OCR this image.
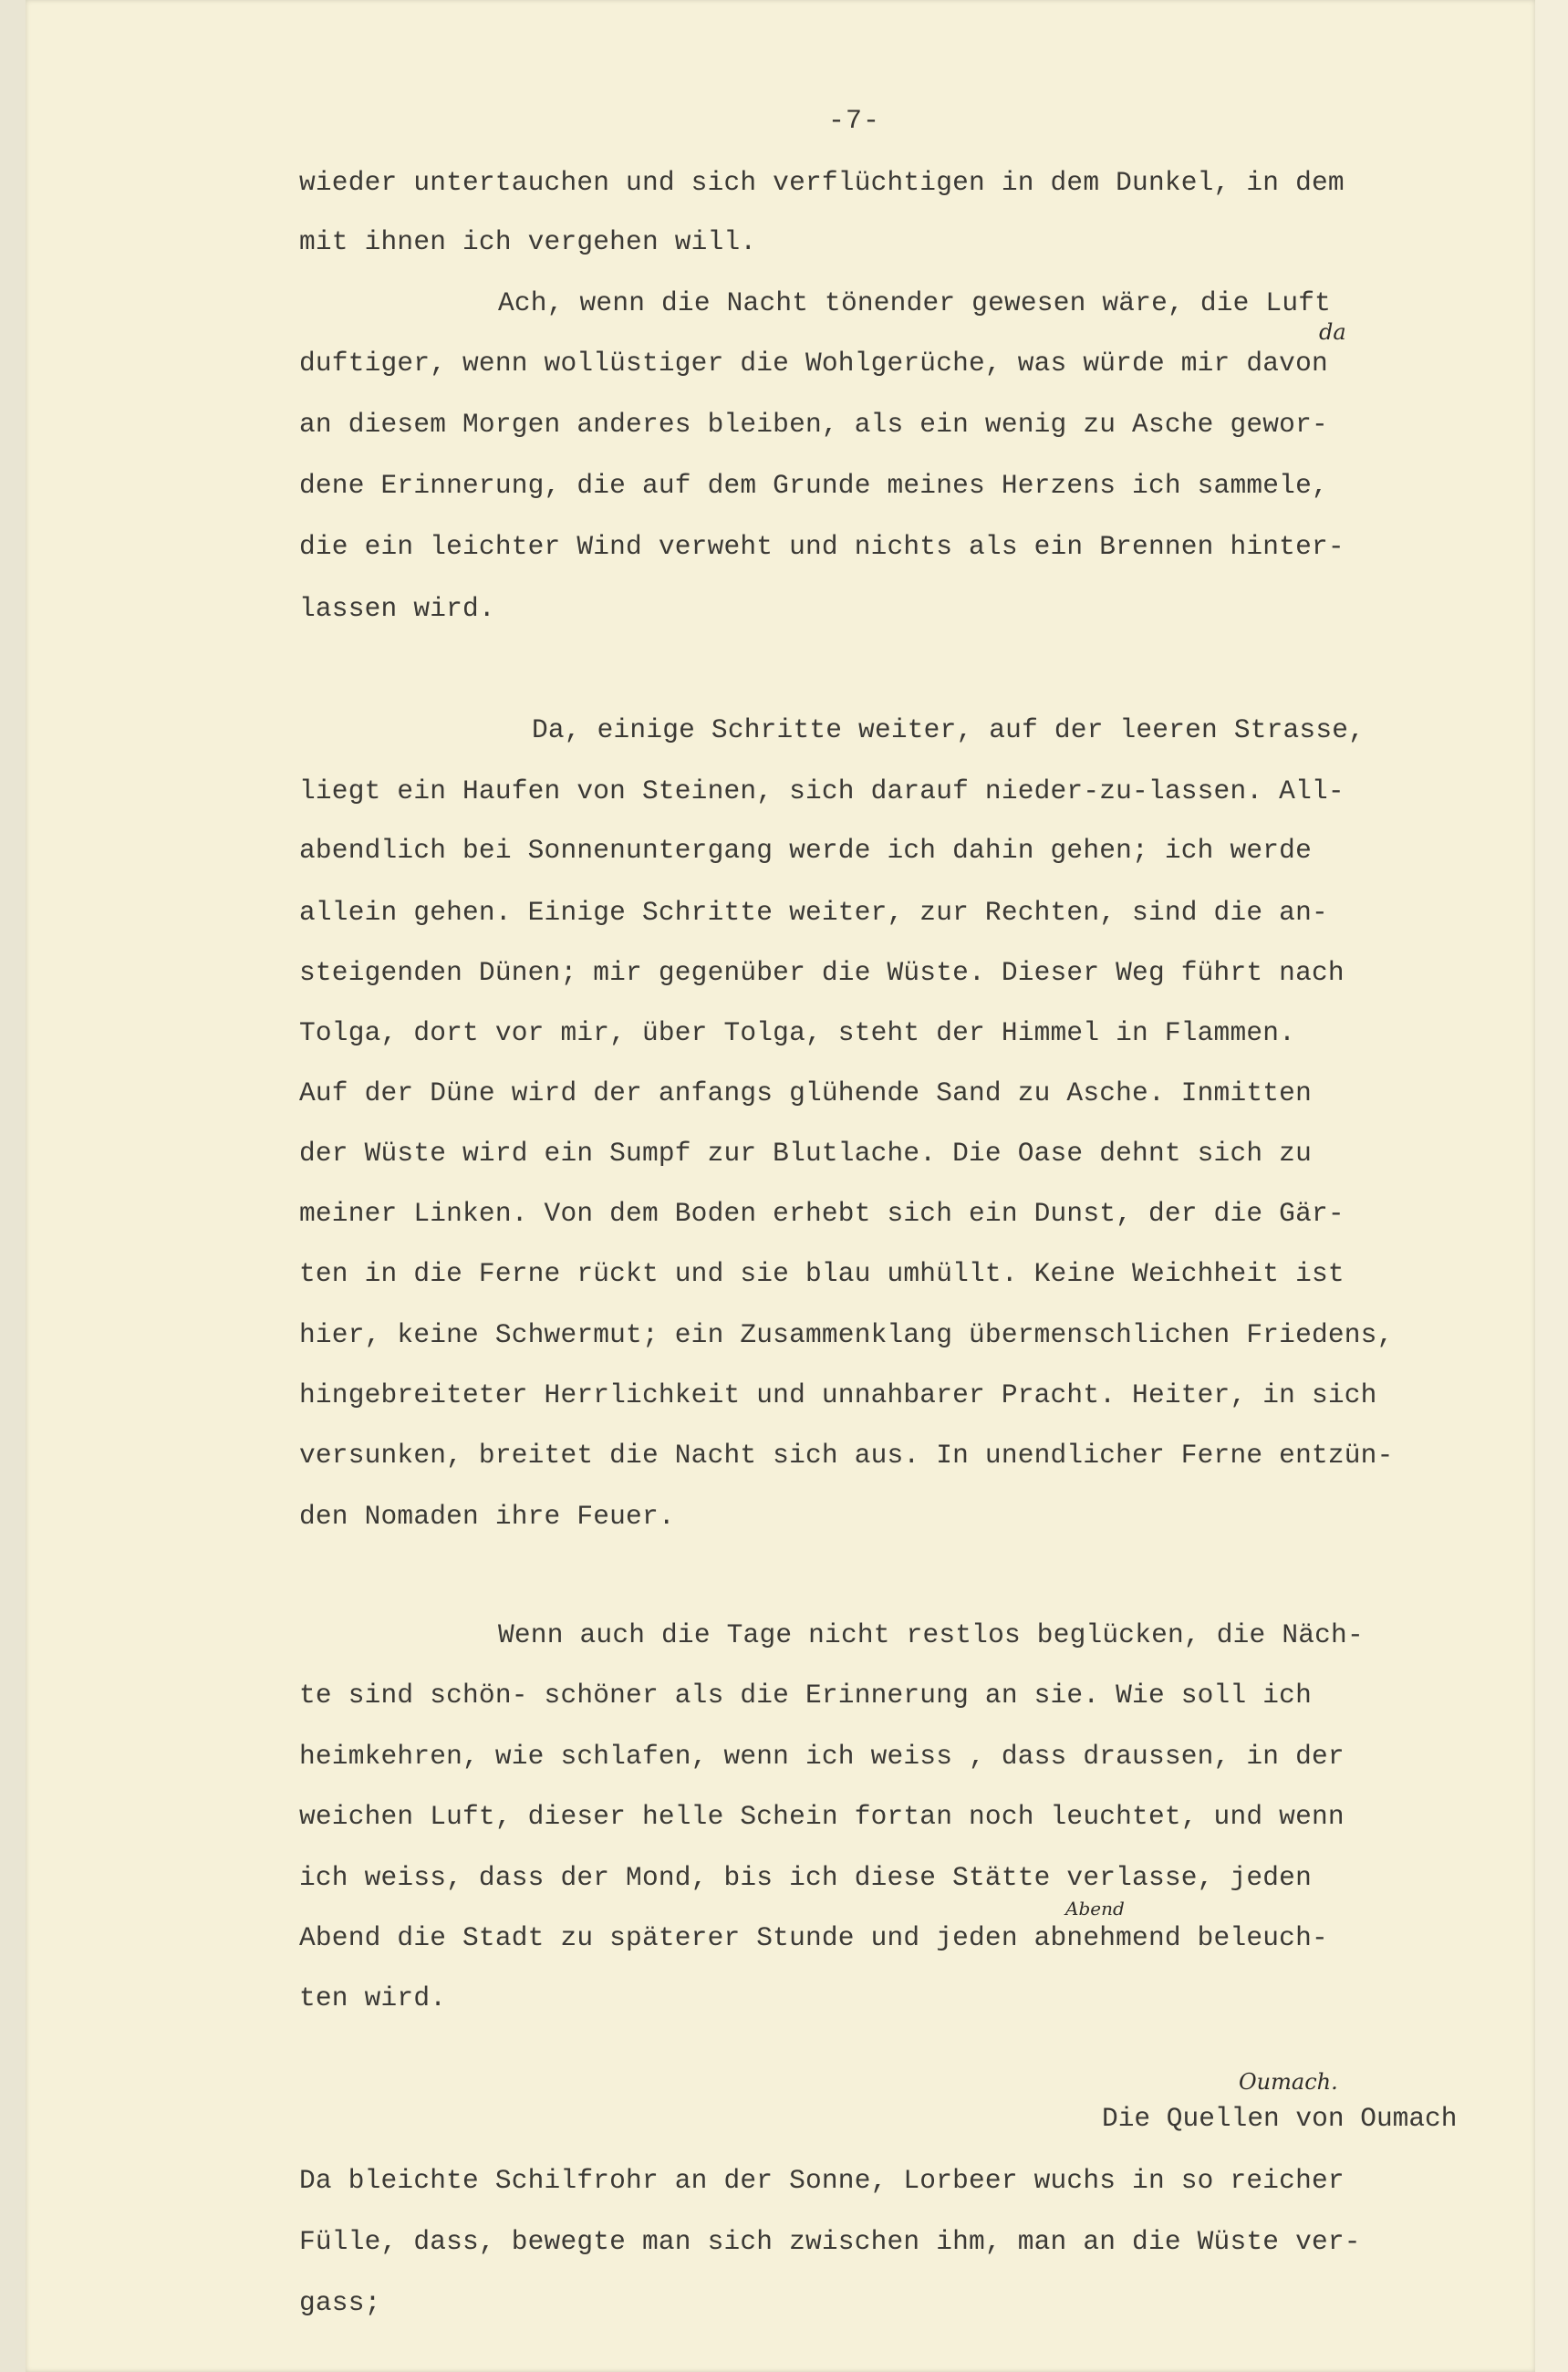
-7-

wieder untertauchen und sich verflüchtigen in dem Dunkel, in dem

mit ihnen ich vergehen will.

Ach, wenn die Nacht tönender gewesen wäre, die Luft

duftiger, wenn wollüstiger die Wohlgerüche, was würde mir davon

an diesem Morgen anderes bleiben, als ein wenig zu Asche gewor-

dene Erinnerung, die auf dem Grunde meines Herzens ich sammele,

die ein leichter Wind verweht und nichts als ein Brennen hinter-

lassen wird.

Da, einige Schritte weiter, auf der leeren Strasse,

liegt ein Haufen von Steinen, sich darauf nieder-zu-lassen. All-

abendlich bei Sonnenuntergang werde ich dahin gehen; ich werde

allein gehen. Einige Schritte weiter, zur Rechten, sind die an-

steigenden Dünen; mir gegenüber die Wüste. Dieser Weg führt nach

Tolga, dort vor mir, über Tolga, steht der Himmel in Flammen.

Auf der Düne wird der anfangs glühende Sand zu Asche. Inmitten

der Wüste wird ein Sumpf zur Blutlache. Die Oase dehnt sich zu

meiner Linken. Von dem Boden erhebt sich ein Dunst, der die Gär-

ten in die Ferne rückt und sie blau umhüllt. Keine Weichheit ist

hier, keine Schwermut; ein Zusammenklang übermenschlichen Friedens,

hingebreiteter Herrlichkeit und unnahbarer Pracht. Heiter, in sich

versunken, breitet die Nacht sich aus. In unendlicher Ferne entzün-

den Nomaden ihre Feuer.

Wenn auch die Tage nicht restlos beglücken, die Näch-

te sind schön- schöner als die Erinnerung an sie. Wie soll ich

heimkehren, wie schlafen, wenn ich weiss , dass draussen, in der

weichen Luft, dieser helle Schein fortan noch leuchtet, und wenn

ich weiss, dass der Mond, bis ich diese Stätte verlasse, jeden

Abend die Stadt zu späterer Stunde und jeden abnehmend beleuch-

ten wird.

Die Quellen von Oumach

Da bleichte Schilfrohr an der Sonne, Lorbeer wuchs in so reicher

Fülle, dass, bewegte man sich zwischen ihm, man an die Wüste ver-

gass;

da

Oumach.

Abend
